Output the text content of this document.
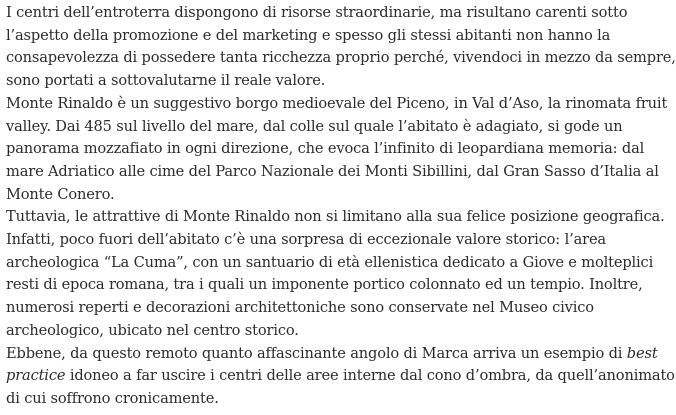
I centri dell’entroterra dispongono di risorse straordinarie, ma risultano carenti sotto
l’aspetto della promozione e del marketing e spesso gli stessi abitanti non hanno la
consapevolezza di possedere tanta ricchezza proprio perché, vivendoci in mezzo da sempre,
sono portati a sottovalutarne il reale valore.

Monte Rinaldo è un suggestivo borgo medioevale del Piceno, in Val d’Aso, la rinomata fruit
valley. Dai 485 sul livello del mare, dal colle sul quale l’abitato è adagiato, si gode un
panorama mozzafiato in ogni direzione, che evoca l’infinito di leopardiana memoria: dal
mare Adriatico alle cime del Parco Nazionale dei Monti Sibillini, dal Gran Sasso d’Italia al
Monte Conero.

Tuttavia, le attrattive di Monte Rinaldo non si limitano alla sua felice posizione geografica.
Infatti, poco fuori dell’abitato c’è una sorpresa di eccezionale valore storico: l’area
archeologica “La Cuma”, con un santuario di età ellenistica dedicato a Giove e molteplici
resti di epoca romana, tra i quali un imponente portico colonnato ed un tempio. Inoltre,
numerosi reperti e decorazioni architettoniche sono conservate nel Museo civico
archeologico, ubicato nel centro storico.

Ebbene, da questo remoto quanto affascinante angolo di Marca arriva un esempio di best
practice idoneo a far uscire i centri delle aree interne dal cono d’ombra, da quell’anonimato
di cui soffrono cronicamente.
